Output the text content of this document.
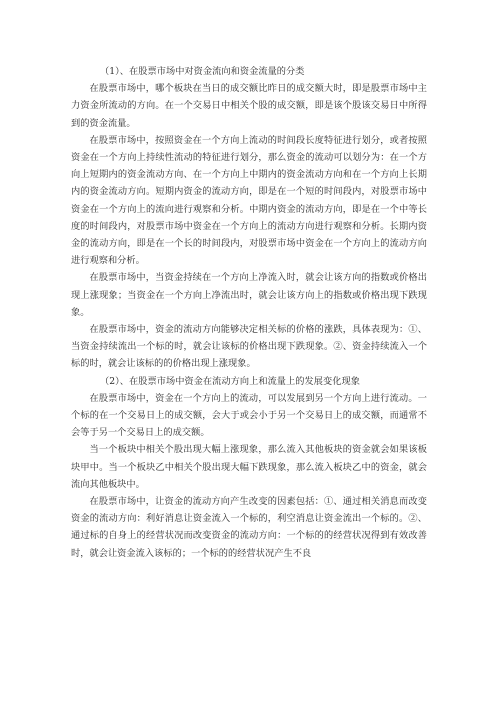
（1）、在股票市场中对资金流向和资金流量的分类

在股票市场中，哪个板块在当日的成交额比昨日的成交额大时，即是股票市场中主力资金所流动的方向。在一个交易日中相关个股的成交额，即是该个股该交易日中所得到的资金流量。

在股票市场中，按照资金在一个方向上流动的时间段长度特征进行划分，或者按照资金在一个方向上持续性流动的特征进行划分，那么资金的流动可以划分为：在一个方向上短期内的资金流动方向、在一个方向上中期内的资金流动方向和在一个方向上长期内的资金流动方向。短期内资金的流动方向，即是在一个短的时间段内，对股票市场中资金在一个方向上的流向进行观察和分析。中期内资金的流动方向，即是在一个中等长度的时间段内，对股票市场中资金在一个方向上的流动方向进行观察和分析。长期内资金的流动方向，即是在一个长的时间段内，对股票市场中资金在一个方向上的流动方向进行观察和分析。

在股票市场中，当资金持续在一个方向上净流入时，就会让该方向的指数或价格出现上涨现象；当资金在一个方向上净流出时，就会让该方向上的指数或价格出现下跌现象。

在股票市场中，资金的流动方向能够决定相关标的价格的涨跌，具体表现为：①、当资金持续流出一个标的时，就会让该标的价格出现下跌现象。②、资金持续流入一个标的时，就会让该标的的价格出现上涨现象。

（2）、在股票市场中资金在流动方向上和流量上的发展变化现象

在股票市场中，资金在一个方向上的流动，可以发展到另一个方向上进行流动。一个标的在一个交易日上的成交额，会大于或会小于另一个交易日上的成交额，而通常不会等于另一个交易日上的成交额。

当一个板块中相关个股出现大幅上涨现象，那么流入其他板块的资金就会如果该板块甲中。当一个板块乙中相关个股出现大幅下跌现象，那么流入板块乙中的资金，就会流向其他板块中。

在股票市场中，让资金的流动方向产生改变的因素包括：①、通过相关消息而改变资金的流动方向：利好消息让资金流入一个标的，利空消息让资金流出一个标的。②、通过标的自身上的经营状况而改变资金的流动方向：一个标的的经营状况得到有效改善时，就会让资金流入该标的；一个标的的经营状况产生不良
